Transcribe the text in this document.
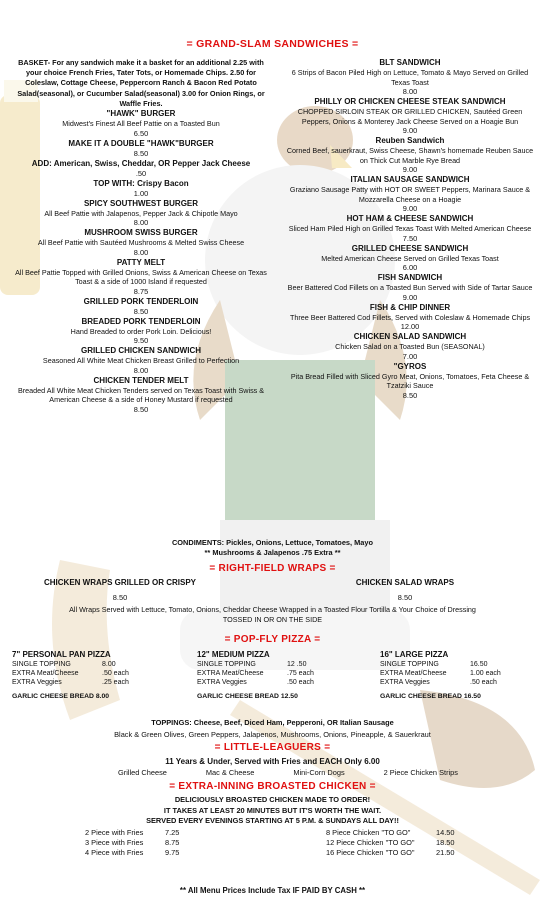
= GRAND-SLAM SANDWICHES =
BASKET- For any sandwich make it a basket for an additional 2.25 with your choice French Fries, Tater Tots, or Homemade Chips. 2.50 for Coleslaw, Cottage Cheese, Peppercorn Ranch & Bacon Red Potato Salad(seasonal), or Cucumber Salad(seasonal) 3.00 for Onion Rings, or Waffle Fries.
"HAWK" BURGER
Midwest's Finest All Beef Pattie on a Toasted Bun
6.50
MAKE IT A DOUBLE "HAWK"BURGER
8.50
ADD: American, Swiss, Cheddar, OR Pepper Jack Cheese
.50
TOP WITH: Crispy Bacon
1.00
SPICY SOUTHWEST BURGER
All Beef Pattie with Jalapenos, Pepper Jack & Chipotle Mayo
8.00
MUSHROOM SWISS BURGER
All Beef Pattie with Sautéed Mushrooms & Melted Swiss Cheese
8.00
PATTY MELT
All Beef Pattie Topped with Grilled Onions, Swiss & American Cheese on Texas Toast & a side of 1000 Island if requested
8.75
GRILLED PORK TENDERLOIN
8.50
BREADED PORK TENDERLOIN
Hand Breaded to order Pork Loin. Delicious!
9.50
GRILLED CHICKEN SANDWICH
Seasoned All White Meat Chicken Breast Grilled to Perfection
8.00
CHICKEN TENDER MELT
Breaded All White Meat Chicken Tenders served on Texas Toast with Swiss & American Cheese & a side of Honey Mustard if requested
8.50
BLT SANDWICH
6 Strips of Bacon Piled High on Lettuce, Tomato & Mayo Served on Grilled Texas Toast
8.00
PHILLY OR CHICKEN CHEESE STEAK SANDWICH
CHOPPED SIRLOIN STEAK OR GRILLED CHICKEN, Sautéed Green Peppers, Onions & Monterey Jack Cheese Served on a Hoagie Bun
9.00
Reuben Sandwich
Corned Beef, sauerkraut, Swiss Cheese, Shawn's homemade Reuben Sauce on Thick Cut Marble Rye Bread
9.00
ITALIAN SAUSAGE SANDWICH
Graziano Sausage Patty with HOT OR SWEET Peppers, Marinara Sauce & Mozzarella Cheese on a Hoagie
9.00
HOT HAM & CHEESE SANDWICH
Sliced Ham Piled High on Grilled Texas Toast With Melted American Cheese
7.50
GRILLED CHEESE SANDWICH
Melted American Cheese Served on Grilled Texas Toast
6.00
FISH SANDWICH
Beer Battered Cod Fillets on a Toasted Bun Served with Side of Tartar Sauce
9.00
FISH & CHIP DINNER
Three Beer Battered Cod Fillets, Served with Coleslaw & Homemade Chips
12.00
CHICKEN SALAD SANDWICH
Chicken Salad on a Toasted Bun (SEASONAL)
7.00
"GYROS
Pita Bread Filled with Sliced Gyro Meat, Onions, Tomatoes, Feta Cheese & Tzatziki Sauce
8.50
CONDIMENTS: Pickles, Onions, Lettuce, Tomatoes, Mayo
** Mushrooms & Jalapenos .75 Extra **
= RIGHT-FIELD WRAPS =
CHICKEN WRAPS GRILLED OR CRISPY	CHICKEN SALAD WRAPS
8.50	8.50
All Wraps Served with Lettuce, Tomato, Onions, Cheddar Cheese Wrapped in a Toasted Flour Tortilla & Your Choice of Dressing
TOSSED IN OR ON THE SIDE
= POP-FLY PIZZA =
7" PERSONAL PAN PIZZA
SINGLE TOPPING	8.00
EXTRA Meat/Cheese	.50 each
EXTRA Veggies	.25 each
GARLIC CHEESE BREAD 8.00
12" MEDIUM PIZZA
SINGLE TOPPING	12 .50
EXTRA Meat/Cheese	.75 each
EXTRA Veggies	.50 each
GARLIC CHEESE BREAD 12.50
16" LARGE PIZZA
SINGLE TOPPING	16.50
EXTRA Meat/Cheese	1.00 each
EXTRA Veggies	.50 each
GARLIC CHEESE BREAD 16.50
TOPPINGS: Cheese, Beef, Diced Ham, Pepperoni, OR Italian Sausage
Black & Green Olives, Green Peppers, Jalapenos, Mushrooms, Onions, Pineapple, & Sauerkraut
= LITTLE-LEAGUERS =
11 Years & Under, Served with Fries and EACH Only 6.00
Grilled Cheese	Mac & Cheese	Mini-Corn Dogs	2 Piece Chicken Strips
= EXTRA-INNING BROASTED CHICKEN =
DELICIOUSLY BROASTED CHICKEN MADE TO ORDER!
IT TAKES AT LEAST 20 MINUTES BUT IT'S WORTH THE WAIT.
SERVED EVERY EVENINGS STARTING AT 5 P.M. & SUNDAYS ALL DAY!!
2 Piece with Fries	7.25
3 Piece with Fries	8.75
4 Piece with Fries	9.75
8 Piece Chicken "TO GO"	14.50
12 Piece Chicken "TO GO"	18.50
16 Piece Chicken "TO GO"	21.50
** All Menu Prices Include Tax IF PAID BY CASH **
